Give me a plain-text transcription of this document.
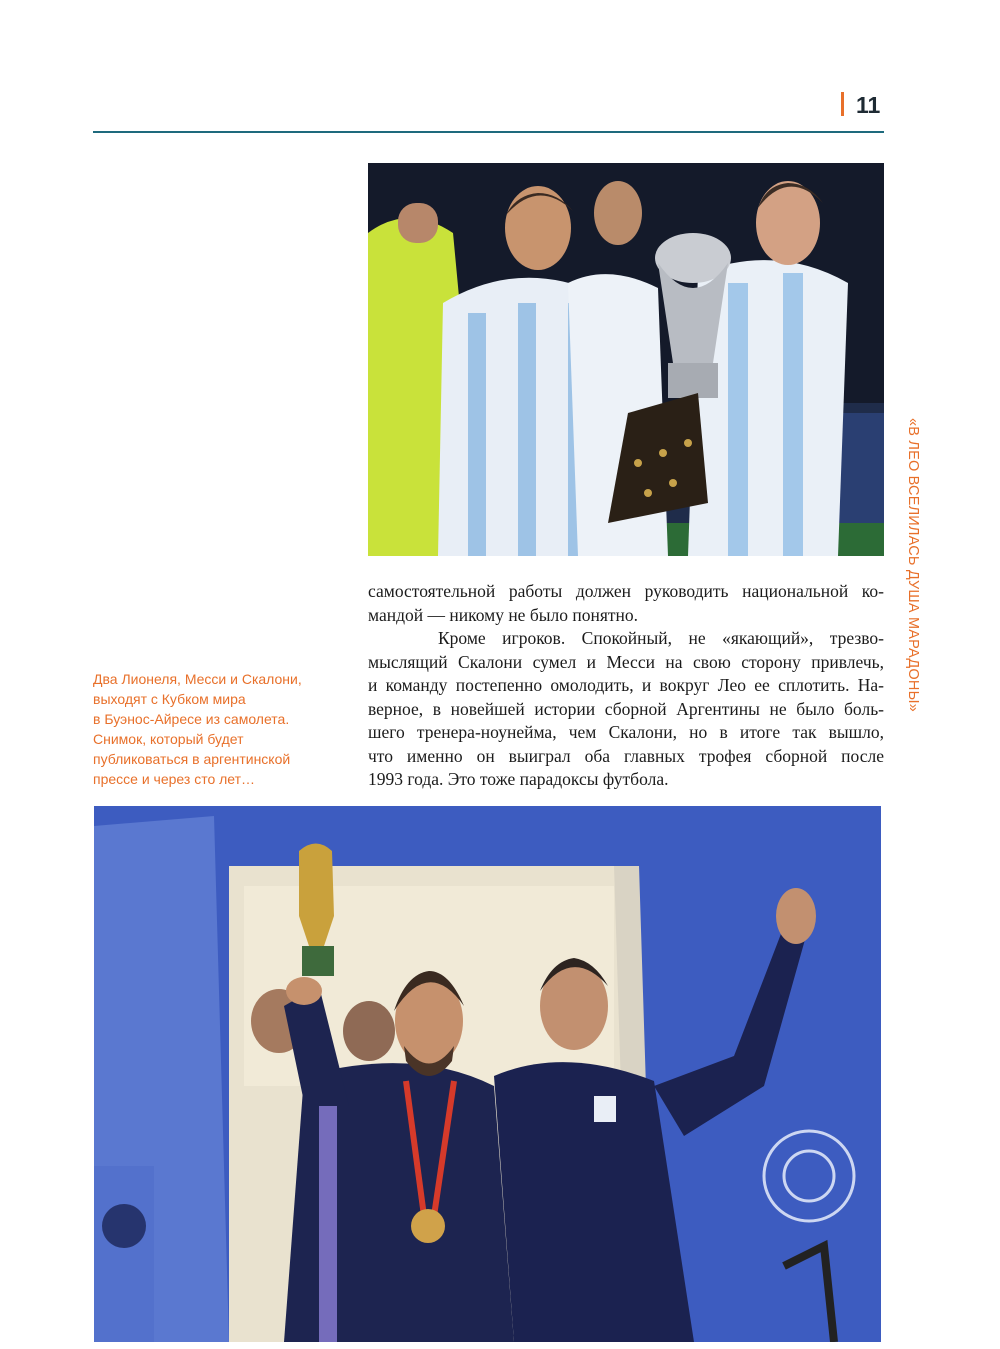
11
«В ЛЕО ВСЕЛИЛАСЬ ДУША МАРАДОНЫ»
Два Лионеля, Месси и Скалони,
выходят с Кубком мира
в Буэнос-Айресе из самолета.
Снимок, который будет
публиковаться в аргентинской
прессе и через сто лет…
самостоятельной работы должен руководить национальной ко-
мандой — никому не было понятно.
Кроме игроков. Спокойный, не «якающий», трезво-
мыслящий Скалони сумел и Месси на свою сторону привлечь,
и команду постепенно омолодить, и вокруг Лео ее сплотить. На-
верное, в новейшей истории сборной Аргентины не было боль-
шего тренера-ноунейма, чем Скалони, но в итоге так вышло,
что именно он выиграл оба главных трофея сборной после
1993 года. Это тоже парадоксы футбола.
